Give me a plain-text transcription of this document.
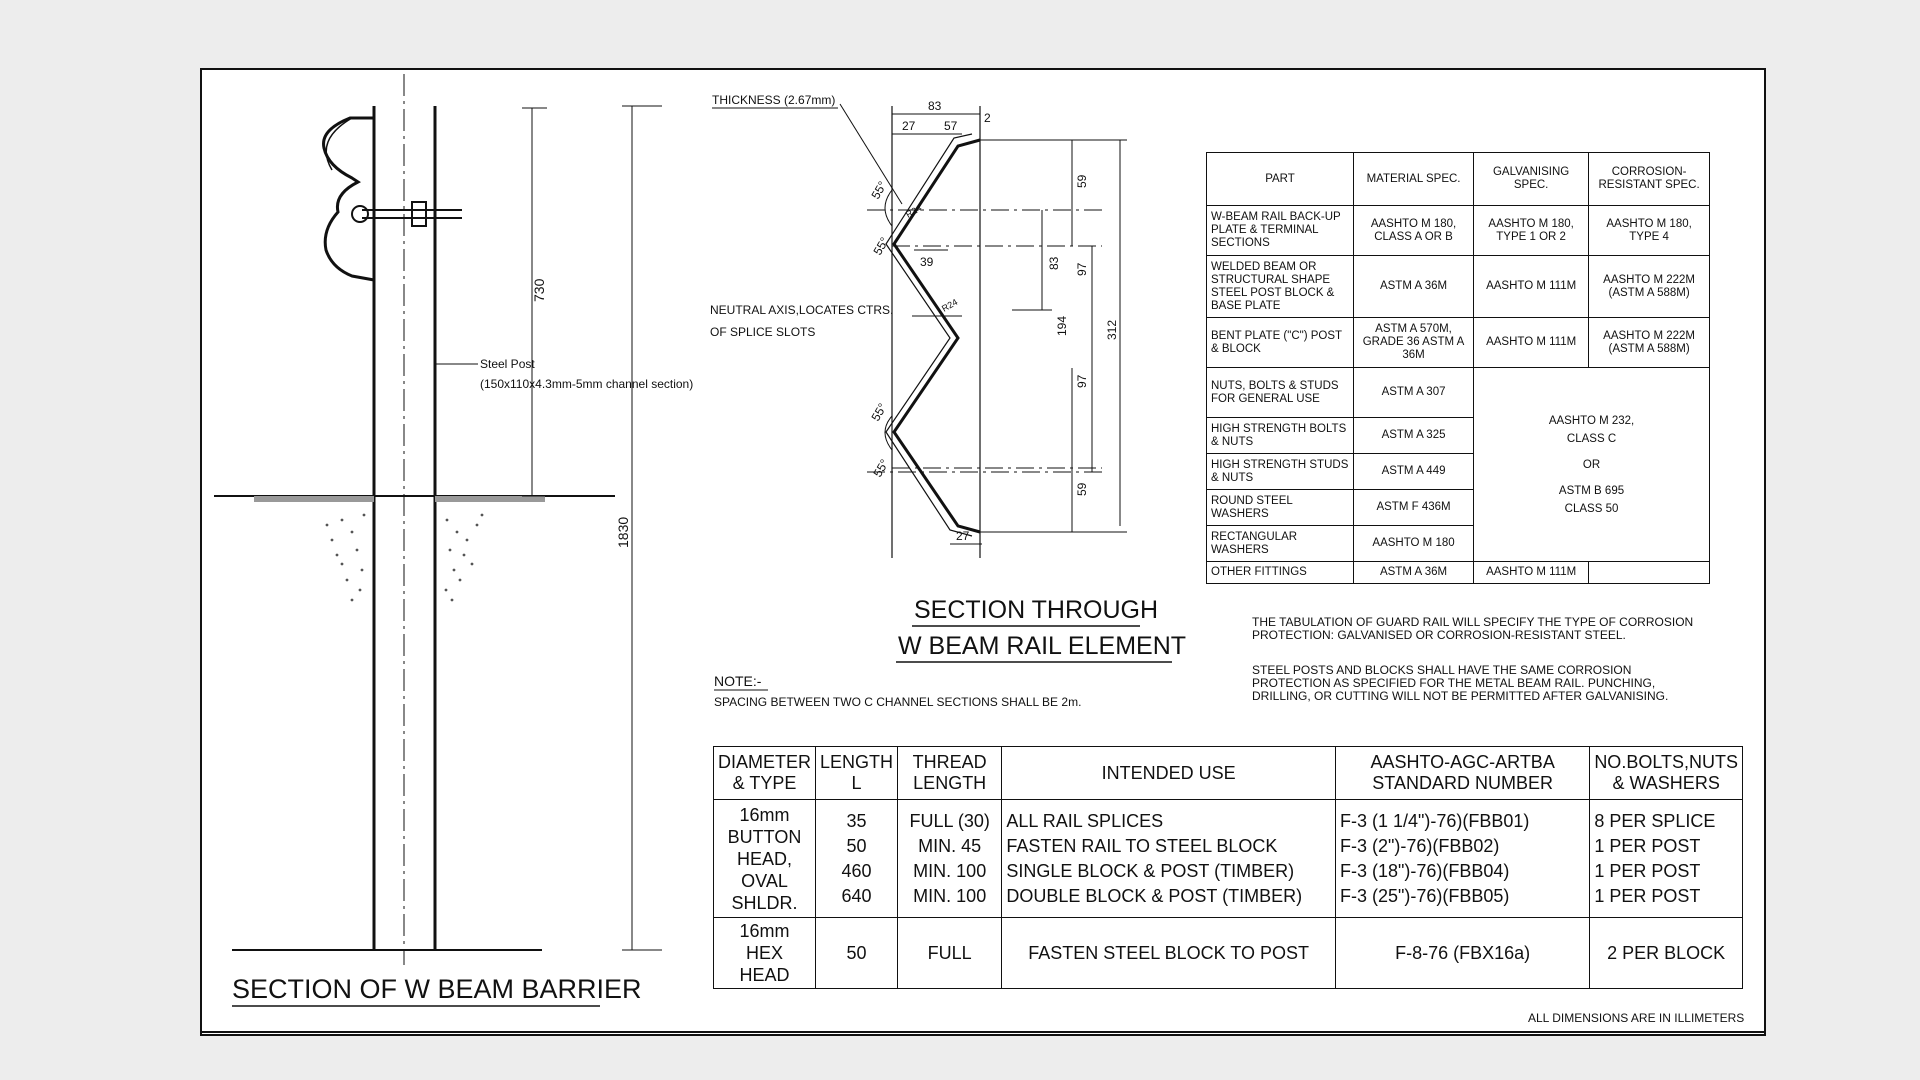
730
1830
Steel Post
(150x110x4.3mm-5mm channel section)
SECTION OF W BEAM BARRIER
THICKNESS (2.67mm)
NEUTRAL AXIS,LOCATES CTRS.
OF SPLICE SLOTS
83
27 57
2
39
59
83 97
194	312
97
59
27
55°
55°
55°
55°
R24
R24
SECTION THROUGH
W BEAM RAIL ELEMENT
NOTE:-
SPACING BETWEEN TWO C CHANNEL SECTIONS SHALL BE 2m.
THE TABULATION OF GUARD RAIL WILL SPECIFY THE TYPE OF CORROSION PROTECTION: GALVANISED OR CORROSION-RESISTANT STEEL.
STEEL POSTS AND BLOCKS SHALL HAVE THE SAME CORROSION PROTECTION AS SPECIFIED FOR THE METAL BEAM RAIL. PUNCHING, DRILLING, OR CUTTING WILL NOT BE PERMITTED AFTER GALVANISING.
ALL DIMENSIONS ARE IN ILLIMETERS
PART	MATERIAL SPEC.	GALVANISING SPEC.	CORROSION-RESISTANT SPEC.
W-BEAM RAIL BACK-UP PLATE & TERMINAL SECTIONS	AASHTO M 180, CLASS A OR B	AASHTO M 180, TYPE 1 OR 2	AASHTO M 180, TYPE 4
WELDED BEAM OR STRUCTURAL SHAPE STEEL POST BLOCK & BASE PLATE	ASTM A 36M	AASHTO M 111M	AASHTO M 222M (ASTM A 588M)
BENT PLATE ("C") POST & BLOCK	ASTM A 570M, GRADE 36 ASTM A 36M	AASHTO M 111M	AASHTO M 222M (ASTM A 588M)
NUTS, BOLTS & STUDS FOR GENERAL USE	ASTM A 307	AASHTO M 232, CLASS C
OR
ASTM B 695 CLASS 50	

HIGH STRENGTH BOLTS & NUTS	ASTM A 325		
HIGH STRENGTH STUDS & NUTS	ASTM A 449		
ROUND STEEL WASHERS	ASTM F 436M		
RECTANGULAR WASHERS	AASHTO M 180		
OTHER FITTINGS	ASTM A 36M	AASHTO M 111M	
DIAMETER & TYPE	LENGTH L	THREAD LENGTH	INTENDED USE	AASHTO-AGC-ARTBA STANDARD NUMBER	NO.BOLTS,NUTS & WASHERS

16mm
BUTTON
HEAD,
OVAL
SHLDR.	35
50
460
640	FULL (30)
MIN. 45
MIN. 100
MIN. 100	ALL RAIL SPLICES
FASTEN RAIL TO STEEL BLOCK
SINGLE BLOCK & POST (TIMBER)
DOUBLE BLOCK & POST (TIMBER)	F-3 (1 1/4")-76)(FBB01)
F-3 (2")-76)(FBB02)
F-3 (18")-76)(FBB04)
F-3 (25")-76)(FBB05)	8 PER SPLICE
1 PER POST
1 PER POST
1 PER POST

16mm
HEX
HEAD	50	FULL	FASTEN STEEL BLOCK TO POST	F-8-76 (FBX16a)	2 PER BLOCK
